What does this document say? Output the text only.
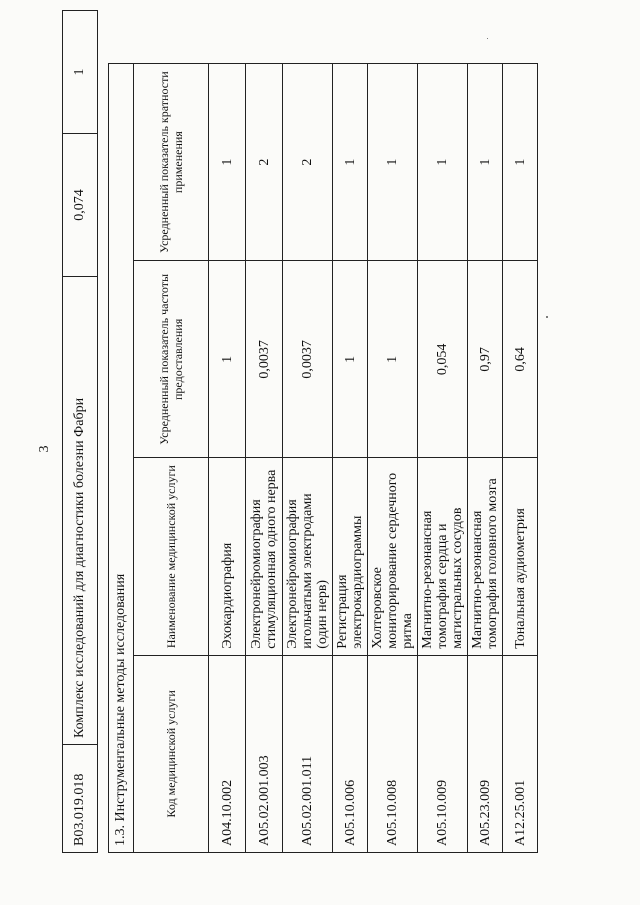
3
B03.019.018	Комплекс исследований для диагностики болезни Фабри	0,074	1
1.3. Инструментальные методы исследования			
Код медицинской услуги	Наименование медицинской услуги	Усредненный показатель частоты предоставления	Усредненный показатель кратности применения
A04.10.002	Эхокардиография	1	1
A05.02.001.003	Электронейромиография стимуляционная одного нерва	0,0037	2
A05.02.001.011	Электронейромиография игольчатыми электродами (один нерв)	0,0037	2
A05.10.006	Регистрация электрокардиограммы	1	1
A05.10.008	Холтеровское мониторирование сердечного ритма	1	1
A05.10.009	Магнитно-резонансная томография сердца и магистральных сосудов	0,054	1
A05.23.009	Магнитно-резонансная томография головного мозга	0,97	1
A12.25.001	Тональная аудиометрия	0,64	1
